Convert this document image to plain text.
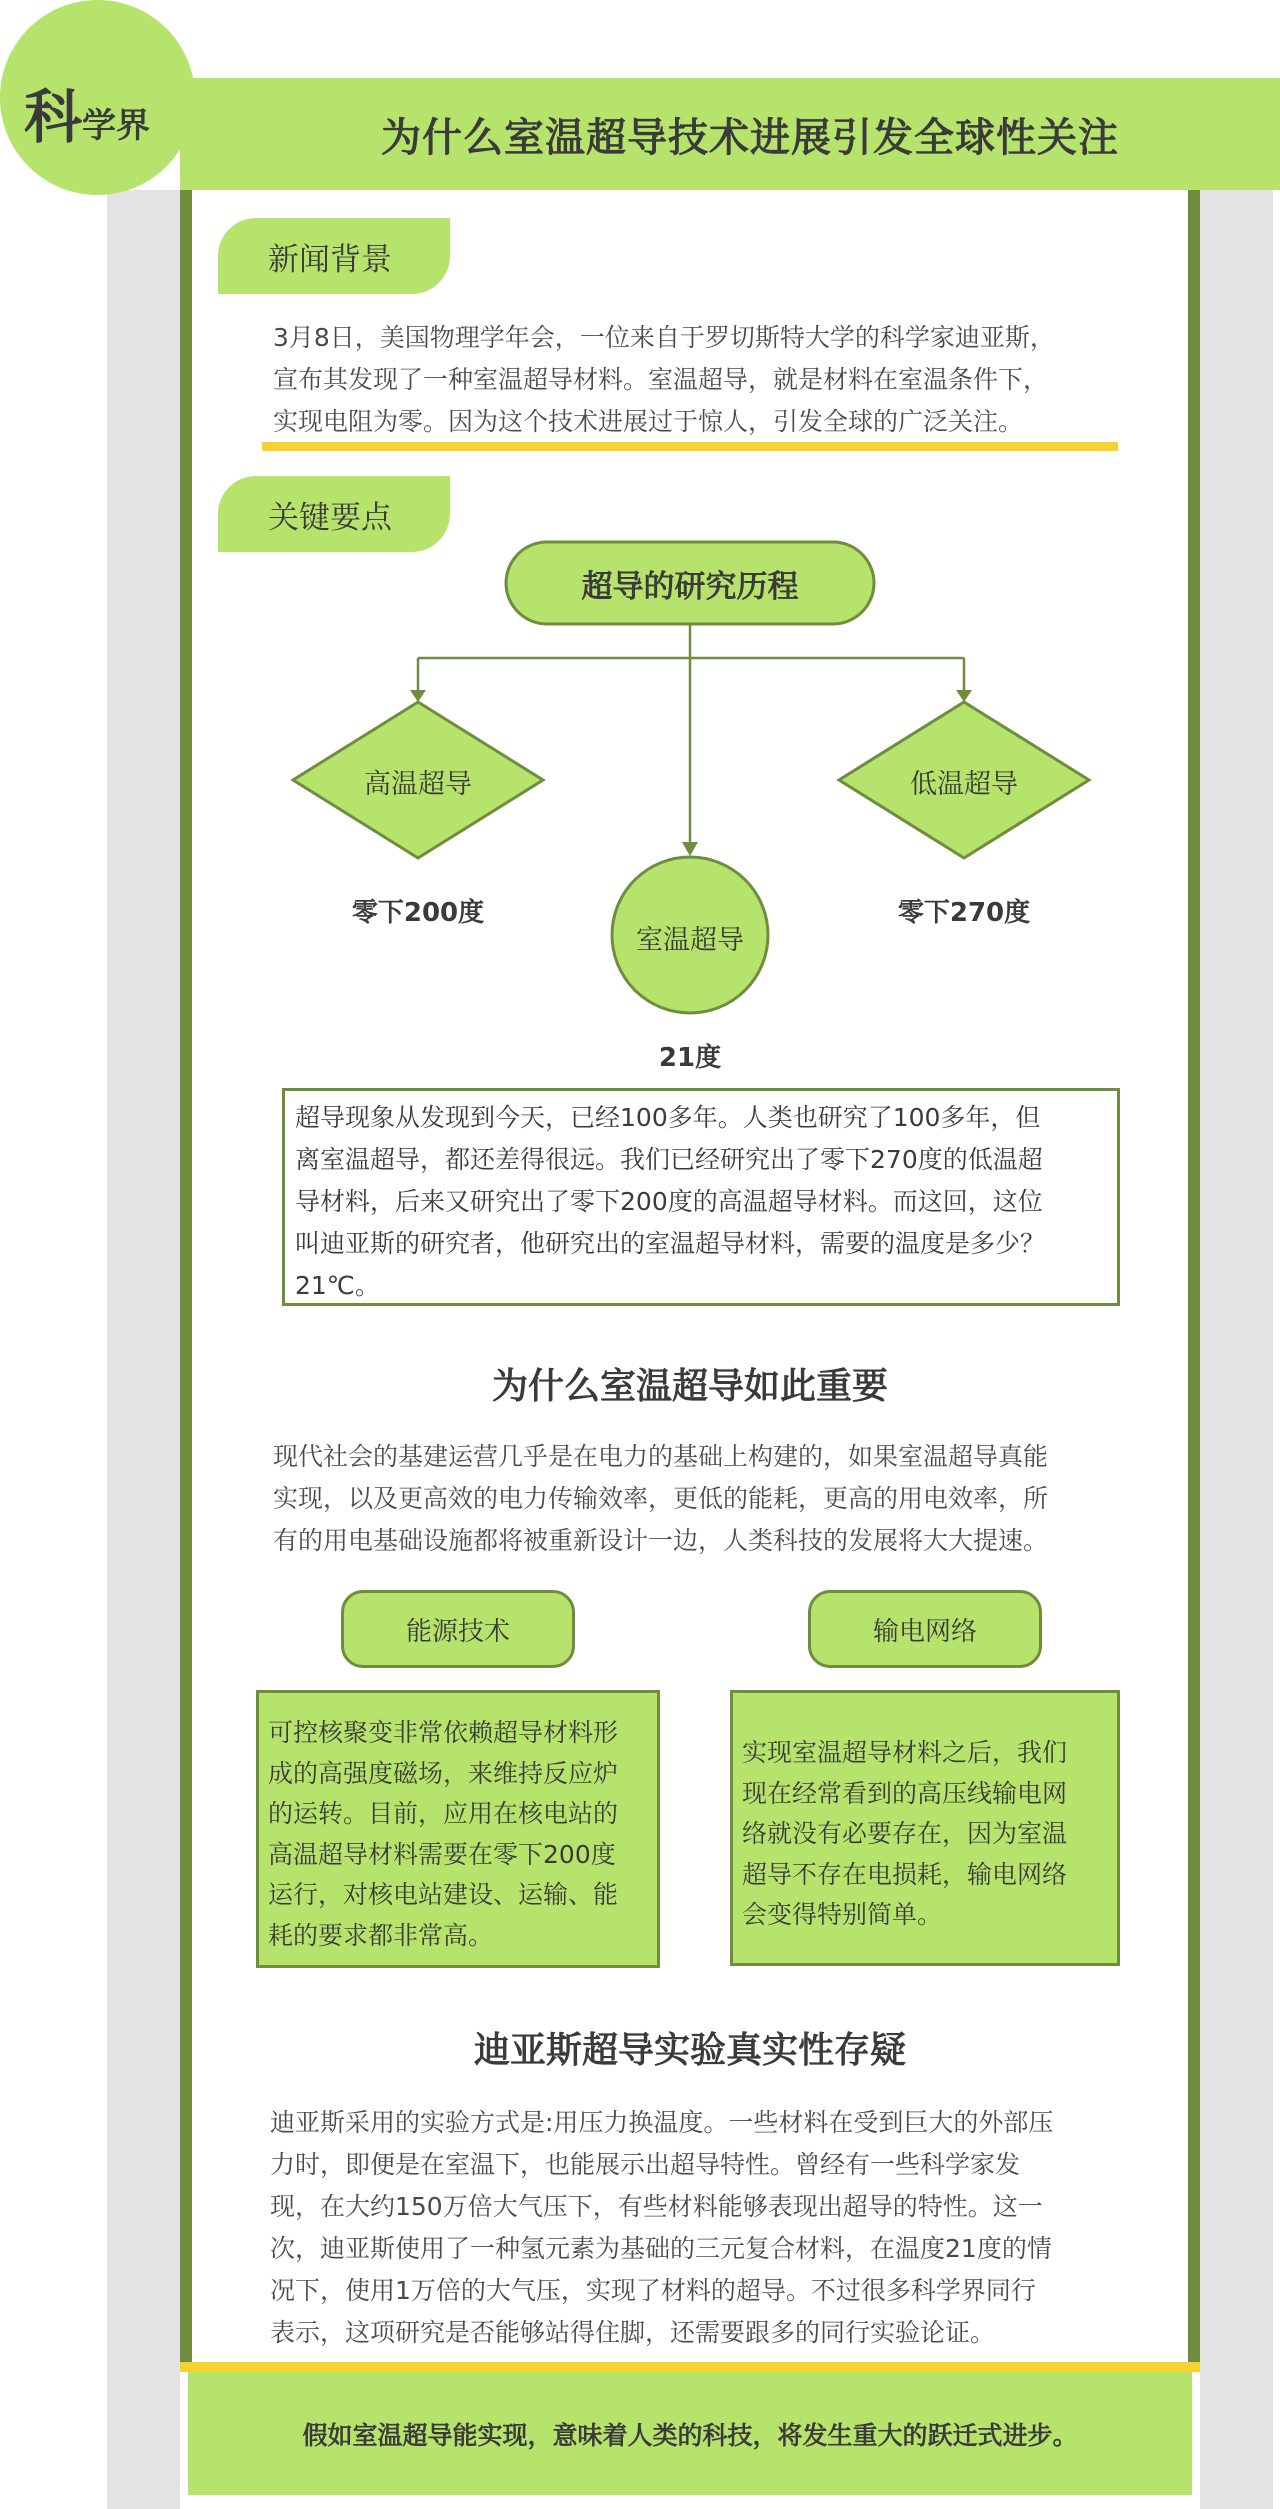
为什么室温超导技术进展引发全球性关注
科学界
新闻背景
3月8日，美国物理学年会，一位来自于罗切斯特大学的科学家迪亚斯，
宣布其发现了一种室温超导材料。室温超导，就是材料在室温条件下，
实现电阻为零。因为这个技术进展过于惊人，引发全球的广泛关注。
关键要点
超导的研究历程
高温超导	低温超导
室温超导
零下200度	零下270度
21度
超导现象从发现到今天，已经100多年。人类也研究了100多年，但
离室温超导，都还差得很远。我们已经研究出了零下270度的低温超
导材料，后来又研究出了零下200度的高温超导材料。而这回，这位
叫迪亚斯的研究者，他研究出的室温超导材料，需要的温度是多少？
21℃。
为什么室温超导如此重要
现代社会的基建运营几乎是在电力的基础上构建的，如果室温超导真能
实现，以及更高效的电力传输效率，更低的能耗，更高的用电效率，所
有的用电基础设施都将被重新设计一边，人类科技的发展将大大提速。
能源技术	输电网络
可控核聚变非常依赖超导材料形
成的高强度磁场，来维持反应炉
的运转。目前，应用在核电站的
高温超导材料需要在零下200度
运行，对核电站建设、运输、能
耗的要求都非常高。
实现室温超导材料之后，我们
现在经常看到的高压线输电网
络就没有必要存在，因为室温
超导不存在电损耗，输电网络
会变得特别简单。
迪亚斯超导实验真实性存疑
迪亚斯采用的实验方式是:用压力换温度。一些材料在受到巨大的外部压
力时，即便是在室温下，也能展示出超导特性。曾经有一些科学家发
现，在大约150万倍大气压下，有些材料能够表现出超导的特性。这一
次，迪亚斯使用了一种氢元素为基础的三元复合材料，在温度21度的情
况下，使用1万倍的大气压，实现了材料的超导。不过很多科学界同行
表示，这项研究是否能够站得住脚，还需要跟多的同行实验论证。
假如室温超导能实现，意味着人类的科技，将发生重大的跃迁式进步。
